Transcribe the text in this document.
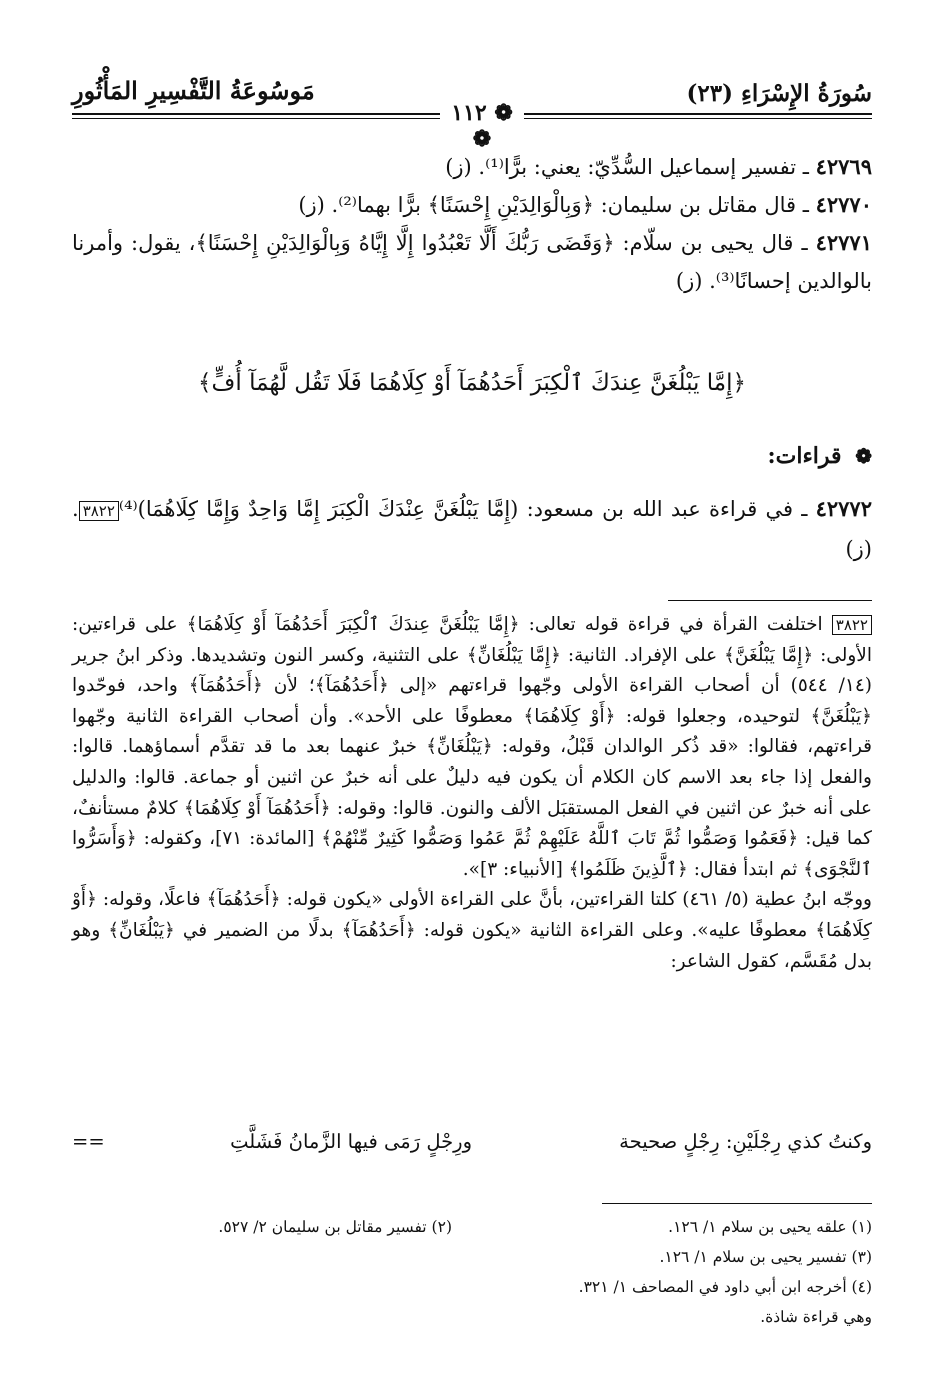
سُورَةُ الإِسْرَاءِ (٢٣)
مَوسُوعَةُ التَّفْسِيرِ المَأْثُورِ
❁ ١١٢ ❁

٤٢٧٦٩ ـ تفسير إسماعيل السُّدِّيّ: يعني: برًّا⁽¹⁾. (ز)

٤٢٧٧٠ ـ قال مقاتل بن سليمان: ﴿وَبِالْوَالِدَيْنِ إِحْسَنًا﴾ برًّا بهما⁽²⁾. (ز)

٤٢٧٧١ ـ قال يحيى بن سلّام: ﴿وَقَضَى رَبُّكَ أَلَّا تَعْبُدُوا إِلَّا إِيَّاهُ وَبِالْوَالِدَيْنِ إِحْسَنًا﴾، يقول: وأمرنا بالوالدين إحسانًا⁽³⁾. (ز)

﴿إِمَّا يَبْلُغَنَّ عِندَكَ ٱلْكِبَرَ أَحَدُهُمَآ أَوْ كِلَاهُمَا فَلَا تَقُل لَّهُمَآ أُفٍّ﴾
❁ قراءات:

٤٢٧٧٢ ـ في قراءة عبد الله بن مسعود: (إِمَّا يَبْلُغَنَّ عِنْدَكَ الْكِبَرَ إِمَّا وَاحِدٌ وَإِمَّا كِلَاهُمَا)⁽⁴⁾٣٨٢٢. (ز)

٣٨٢٢ اختلفت القرأة في قراءة قوله تعالى: ﴿إِمَّا يَبْلُغَنَّ عِندَكَ ٱلْكِبَرَ أَحَدُهُمَآ أَوْ كِلَاهُمَا﴾ على قراءتين: الأولى: ﴿إِمَّا يَبْلُغَنَّ﴾ على الإفراد. الثانية: ﴿إِمَّا يَبْلُغَانِّ﴾ على التثنية، وكسر النون وتشديدها. وذكر ابنُ جرير (١٤/ ٥٤٤) أن أصحاب القراءة الأولى وجّهوا قراءتهم «إلى ﴿أَحَدُهُمَآ﴾؛ لأن ﴿أَحَدُهُمَآ﴾ واحد، فوحّدوا ﴿يَبْلُغَنَّ﴾ لتوحيده، وجعلوا قوله: ﴿أَوْ كِلَاهُمَا﴾ معطوفًا على الأحد». وأن أصحاب القراءة الثانية وجّهوا قراءتهم، فقالوا: «قد ذُكر الوالدان قَبْلُ، وقوله: ﴿يَبْلُغَانِّ﴾ خبرٌ عنهما بعد ما قد تقدَّم أسماؤهما. قالوا: والفعل إذا جاء بعد الاسم كان الكلام أن يكون فيه دليلٌ على أنه خبرٌ عن اثنين أو جماعة. قالوا: والدليل على أنه خبرٌ عن اثنين في الفعل المستقبَل الألف والنون. قالوا: وقوله: ﴿أَحَدُهُمَآ أَوْ كِلَاهُمَا﴾ كلامٌ مستأنفٌ، كما قيل: ﴿فَعَمُوا وَصَمُّوا ثُمَّ تَابَ ٱللَّهُ عَلَيْهِمْ ثُمَّ عَمُوا وَصَمُّوا كَثِيرٌ مِّنْهُمْ﴾ [المائدة: ٧١]، وكقوله: ﴿وَأَسَرُّوا ٱلنَّجْوَى﴾ ثم ابتدأ فقال: ﴿ٱلَّذِينَ ظَلَمُوا﴾ [الأنبياء: ٣]».

ووجّه ابنُ عطية (٥/ ٤٦١) كلتا القراءتين، بأنَّ على القراءة الأولى «يكون قوله: ﴿أَحَدُهُمَآ﴾ فاعلًا، وقوله: ﴿أَوْ كِلَاهُمَا﴾ معطوفًا عليه». وعلى القراءة الثانية «يكون قوله: ﴿أَحَدُهُمَآ﴾ بدلًا من الضمير في ﴿يَبْلُغَانِّ﴾ وهو بدل مُقَسَّم، كقول الشاعر:

وكنتُ كذي رِجْلَيْنِ: رِجْلٍ صحيحة
ورِجْلٍ رَمَى فيها الزَّمانُ فَشَلَّتِ
==
(١) علقه يحيى بن سلام ١/ ١٢٦.
(٢) تفسير مقاتل بن سليمان ٢/ ٥٢٧.
(٣) تفسير يحيى بن سلام ١/ ١٢٦.
(٤) أخرجه ابن أبي داود في المصاحف ١/ ٣٢١.
وهي قراءة شاذة.
